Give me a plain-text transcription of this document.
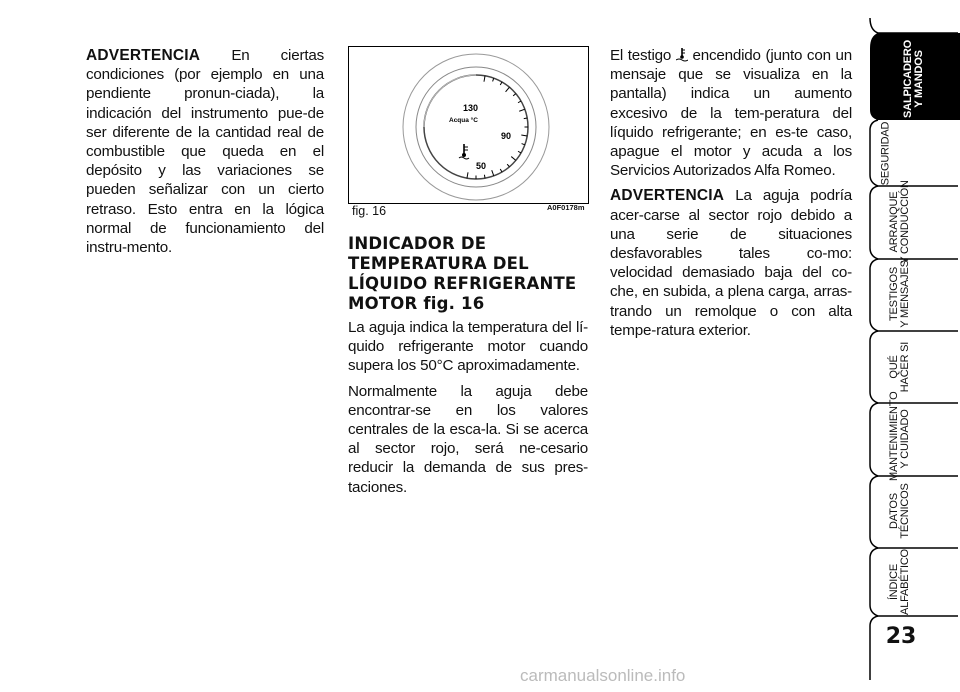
ADVERTENCIA En ciertas condiciones (por ejemplo en una pendiente pronun-ciada), la indicación del instrumento pue-de ser diferente de la cantidad real de combustible que queda en el depósito y las variaciones se pueden señalizar con un cierto retraso. Esto entra en la lógica normal de funcionamiento del instru-mento.

130
90
50
Acqua °C
fig. 16	A0F0178m
INDICADOR DE TEMPERATURA DEL LÍQUIDO REFRIGERANTE MOTOR fig. 16

La aguja indica la temperatura del lí-quido refrigerante motor cuando supera los 50°C aproximadamente.

Normalmente la aguja debe encontrar-se en los valores centrales de la esca-la. Si se acerca al sector rojo, será ne-cesario reducir la demanda de sus pres-taciones.

El testigo encendido (junto con un mensaje que se visualiza en la pantalla) indica un aumento excesivo de la tem-peratura del líquido refrigerante; en es-te caso, apague el motor y acuda a los Servicios Autorizados Alfa Romeo.

ADVERTENCIA La aguja podría acer-carse al sector rojo debido a una serie de situaciones desfavorables tales co-mo: velocidad demasiado baja del co-che, en subida, a plena carga, arras-trando un remolque o con alta tempe-ratura exterior.

SALPICADERO Y MANDOS
SEGURIDAD
ARRANQUE Y CONDUCCIÓN
TESTIGOS Y MENSAJES
QUÉ HACER SI
MANTENIMIENTO Y CUIDADO
DATOS TÉCNICOS
ÍNDICE ALFABÉTICO
23
carmanualsonline.info
